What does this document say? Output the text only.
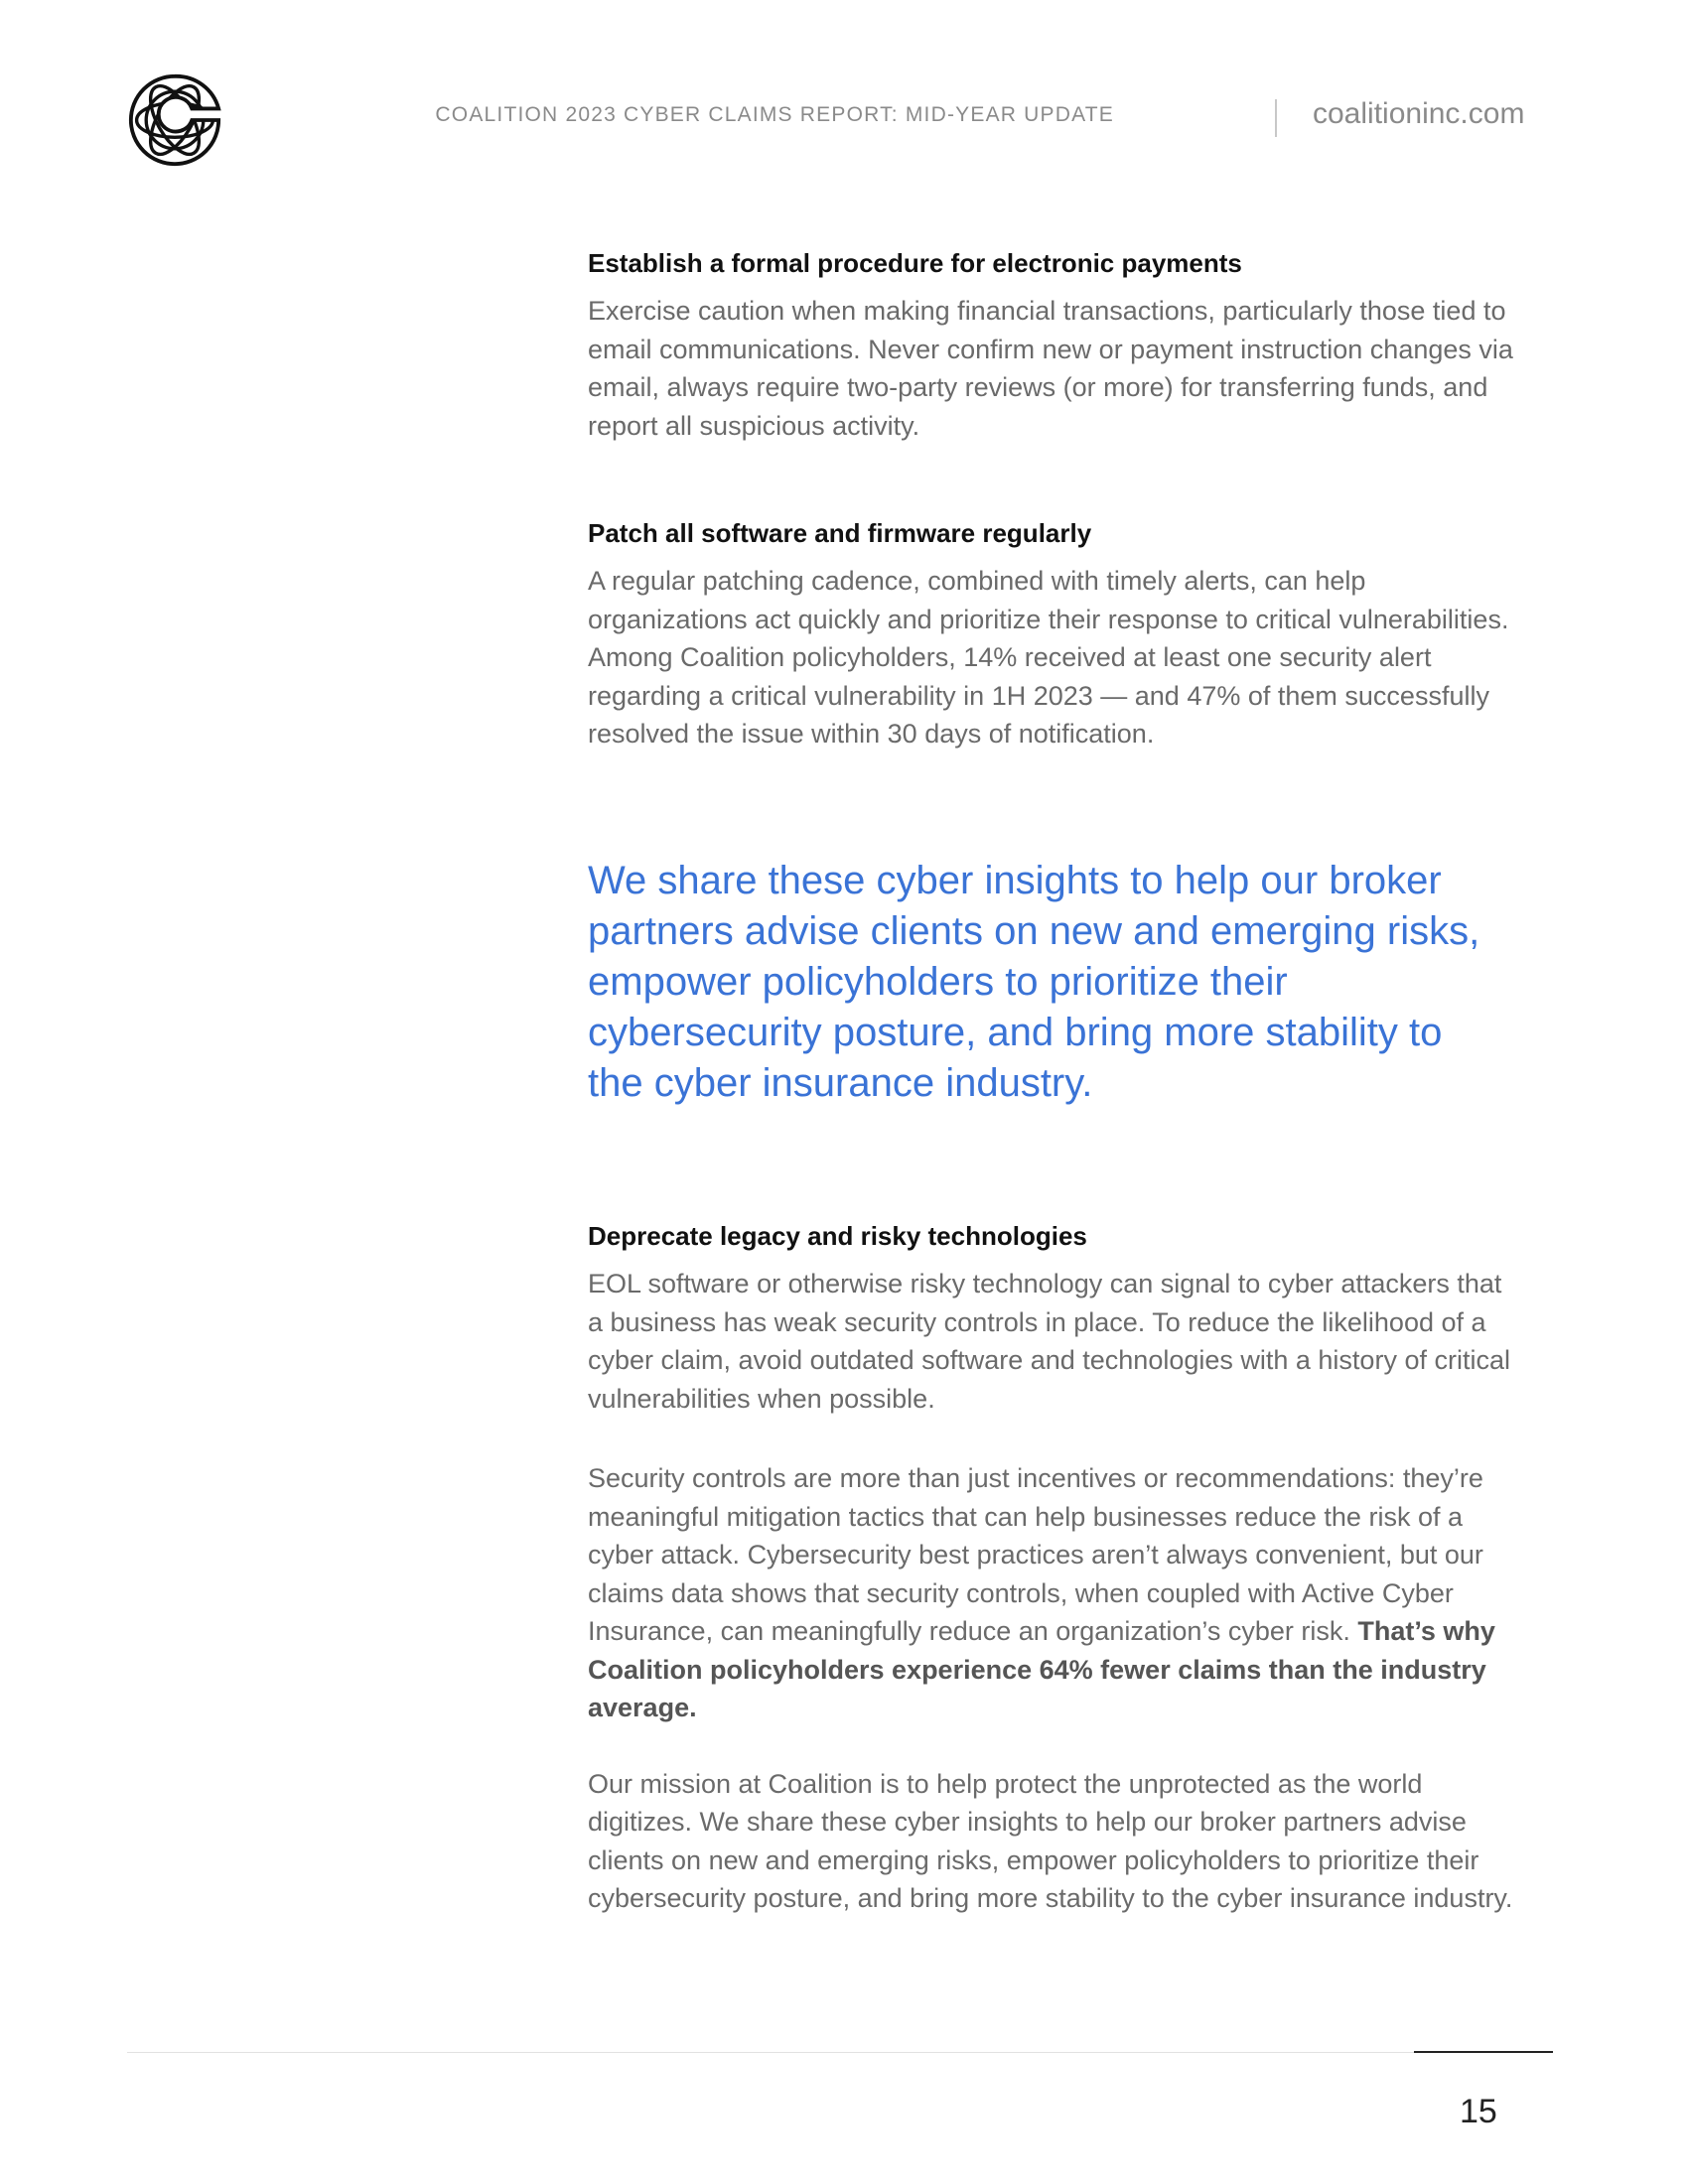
COALITION 2023 CYBER CLAIMS REPORT: MID-YEAR UPDATE	coalitioninc.com
Establish a formal procedure for electronic payments

Exercise caution when making financial transactions, particularly those tied to email communications. Never confirm new or payment instruction changes via email, always require two-party reviews (or more) for transferring funds, and report all suspicious activity.

Patch all software and firmware regularly

A regular patching cadence, combined with timely alerts, can help organizations act quickly and prioritize their response to critical vulnerabilities. Among Coalition policyholders, 14% received at least one security alert regarding a critical vulnerability in 1H 2023 — and 47% of them successfully resolved the issue within 30 days of notification.

We share these cyber insights to help our broker partners advise clients on new and emerging risks, empower policyholders to prioritize their cybersecurity posture, and bring more stability to the cyber insurance industry.
Deprecate legacy and risky technologies

EOL software or otherwise risky technology can signal to cyber attackers that a business has weak security controls in place. To reduce the likelihood of a cyber claim, avoid outdated software and technologies with a history of critical vulnerabilities when possible.

Security controls are more than just incentives or recommendations: they’re meaningful mitigation tactics that can help businesses reduce the risk of a cyber attack. Cybersecurity best practices aren’t always convenient, but our claims data shows that security controls, when coupled with Active Cyber Insurance, can meaningfully reduce an organization’s cyber risk. That’s why Coalition policyholders experience 64% fewer claims than the industry average.

Our mission at Coalition is to help protect the unprotected as the world digitizes. We share these cyber insights to help our broker partners advise clients on new and emerging risks, empower policyholders to prioritize their cybersecurity posture, and bring more stability to the cyber insurance industry.

15
